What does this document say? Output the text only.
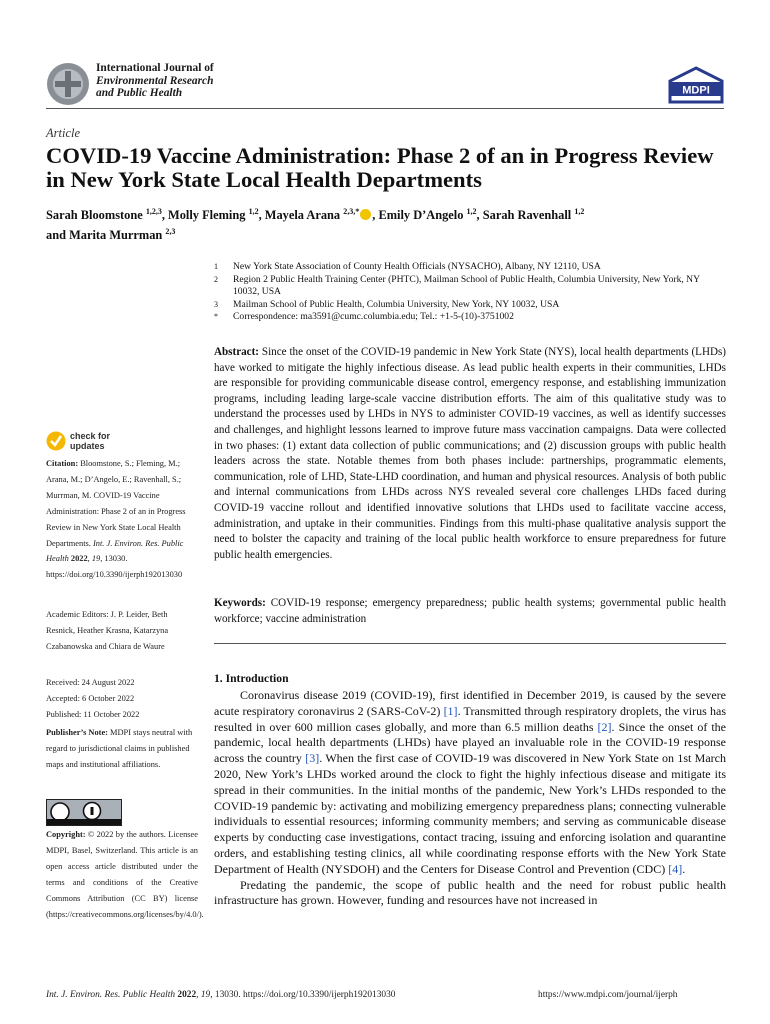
International Journal of
Environmental Research
and Public Health	MDPI
Article
COVID-19 Vaccine Administration: Phase 2 of an in Progress Review in New York State Local Health Departments
Sarah Bloomstone $^{1,2,3}$, Molly Fleming $^{1,2}$, Mayela Arana $^{2,3,*}$ , Emily D’Angelo $^{1,2}$, Sarah Ravenhall $^{1,2}$
and Marita Murrman $^{2,3}$
1	New York State Association of County Health Officials (NYSACHO), Albany, NY 12110, USA
2	Region 2 Public Health Training Center (PHTC), Mailman School of Public Health, Columbia University, New York, NY 10032, USA
3	Mailman School of Public Health, Columbia University, New York, NY 10032, USA
*	Correspondence: ma3591@cumc.columbia.edu; Tel.: +1-5-(10)-3751002
Abstract: Since the onset of the COVID-19 pandemic in New York State (NYS), local health departments (LHDs) have worked to mitigate the highly infectious disease. As lead public health experts in their communities, LHDs are responsible for providing communicable disease control, emergency response, and establishing immunization programs, including leading large-scale vaccine distribution efforts. The aim of this qualitative study was to understand the processes used by LHDs in NYS to administer COVID-19 vaccines, as well as identify successes and challenges, and highlight lessons learned to improve future mass vaccination campaigns. Data were collected in two phases: (1) extant data collection of public communications; and (2) discussion groups with public health leaders across the state. Notable themes from both phases include: partnerships, programmatic elements, communication, role of LHD, State-LHD coordination, and human and physical resources. Analysis of both public and internal communications from LHDs across NYS revealed several core challenges LHDs faced during COVID-19 vaccine rollout and identified innovative solutions that LHDs used to facilitate vaccine access, administration, and uptake in their communities. Findings from this multi-phase qualitative analysis support the need to bolster the capacity and training of the local public health workforce to ensure preparedness for future public health emergencies.
Keywords: COVID-19 response; emergency preparedness; public health systems; governmental public health workforce; vaccine administration
1. Introduction

Coronavirus disease 2019 (COVID-19), first identified in December 2019, is caused by the severe acute respiratory coronavirus 2 (SARS-CoV-2) [1]. Transmitted through respiratory droplets, the virus has resulted in over 600 million cases globally, and more than 6.5 million deaths [2]. Since the onset of the pandemic, local health departments (LHDs) have played an invaluable role in the COVID-19 response across the country [3]. When the first case of COVID-19 was discovered in New York State on 1st March 2020, New York’s LHDs worked around the clock to fight the highly infectious disease and mitigate its spread in their communities. In the initial months of the pandemic, New York’s LHDs responded to the COVID-19 pandemic by: activating and mobilizing emergency preparedness plans; connecting vulnerable individuals to essential resources; informing community members; and serving as communicable disease experts by conducting case investigations, contact tracing, issuing and enforcing isolation and quarantine orders, and establishing testing clinics, all while coordinating response efforts with the New York State Department of Health (NYSDOH) and the Centers for Disease Control and Prevention (CDC) [4].

Predating the pandemic, the scope of public health and the need for robust public health infrastructure has grown. However, funding and resources have not increased in

check for
updates
Citation: Bloomstone, S.; Fleming, M.; Arana, M.; D’Angelo, E.; Ravenhall, S.; Murrman, M. COVID-19 Vaccine Administration: Phase 2 of an in Progress Review in New York State Local Health Departments. Int. J. Environ. Res. Public Health 2022, 19, 13030. https://doi.org/10.3390/ijerph192013030
Academic Editors: J. P. Leider, Beth Resnick, Heather Krasna, Katarzyna Czabanowska and Chiara de Waure
Received: 24 August 2022
Accepted: 6 October 2022
Published: 11 October 2022
Publisher’s Note: MDPI stays neutral with regard to jurisdictional claims in published maps and institutional affiliations.
Copyright: © 2022 by the authors. Licensee MDPI, Basel, Switzerland. This article is an open access article distributed under the terms and conditions of the Creative Commons Attribution (CC BY) license (https://creativecommons.org/licenses/by/4.0/).
Int. J. Environ. Res. Public Health 2022, 19, 13030. https://doi.org/10.3390/ijerph192013030	https://www.mdpi.com/journal/ijerph
